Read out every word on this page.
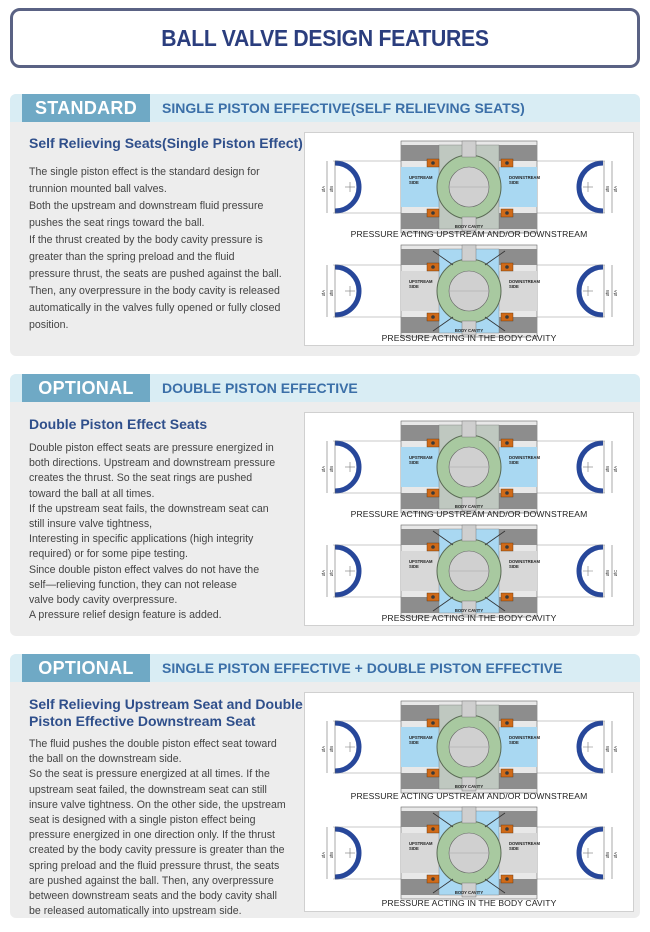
BALL VALVE DESIGN FEATURES
STANDARD	SINGLE PISTON EFFECTIVE(SELF RELIEVING SEATS)
Self Relieving Seats(Single Piston Effect)

The single piston effect is the standard design for

trunnion mounted ball valves.

Both the upstream and downstream fluid pressure

pushes the seat rings toward the ball.

If the thrust created by the body cavity pressure is

greater than the spring preload and the fluid

pressure thrust, the seats are pushed against the ball.

Then, any overpressure in the body cavity is released

automatically in the valves fully opened or fully closed

position.

ØA ØB	ØB ØA
UPSTREAM
SIDE
DOWNSTREAM
SIDE
BODY CAVITY
PRESSURE ACTING UPSTREAM AND/OR DOWNSTREAM
ØA ØB	ØB ØA
UPSTREAM
SIDE
DOWNSTREAM
SIDE
BODY CAVITY
PRESSURE ACTING IN THE BODY CAVITY
OPTIONAL	DOUBLE PISTON EFFECTIVE
Double Piston Effect Seats

Double piston effect seats are pressure energized in

both directions. Upstream and downstream pressure

creates the thrust. So the seat rings are pushed

toward the ball at all times.

If the upstream seat fails, the downstream seat can

still insure valve tightness,

Interesting in specific applications (high integrity

required) or for some pipe testing.

Since double piston effect valves do not have the

self—relieving function, they can not release

valve body cavity overpressure.

A pressure relief design feature is added.

ØA ØB	ØB ØA
UPSTREAM
SIDE
DOWNSTREAM
SIDE
BODY CAVITY
PRESSURE ACTING UPSTREAM AND/OR DOWNSTREAM
ØA ØC	ØB ØC
UPSTREAM
SIDE
DOWNSTREAM
SIDE
BODY CAVITY
PRESSURE ACTING IN THE BODY CAVITY
OPTIONAL	SINGLE PISTON EFFECTIVE + DOUBLE PISTON EFFECTIVE
Self Relieving Upstream Seat and Double
Piston Effective Downstream Seat

The fluid pushes the double piston effect seat toward

the ball on the downstream side.

So the seat is pressure energized at all times. If the

upstream seat failed, the downstream seat can still

insure valve tightness. On the other side, the upstream

seat is designed with a single piston effect being

pressure energized in one direction only. If the thrust

created by the body cavity pressure is greater than the

spring preload and the fluid pressure thrust, the seats

are pushed against the ball. Then, any overpressure

between downstream seats and the body cavity shall

be released automatically into upstream side.

ØA ØB	ØB ØA
UPSTREAM
SIDE
DOWNSTREAM
SIDE
BODY CAVITY
PRESSURE ACTING UPSTREAM AND/OR DOWNSTREAM
ØA ØB	ØB ØA
UPSTREAM
SIDE
DOWNSTREAM
SIDE
BODY CAVITY
PRESSURE ACTING IN THE BODY CAVITY
